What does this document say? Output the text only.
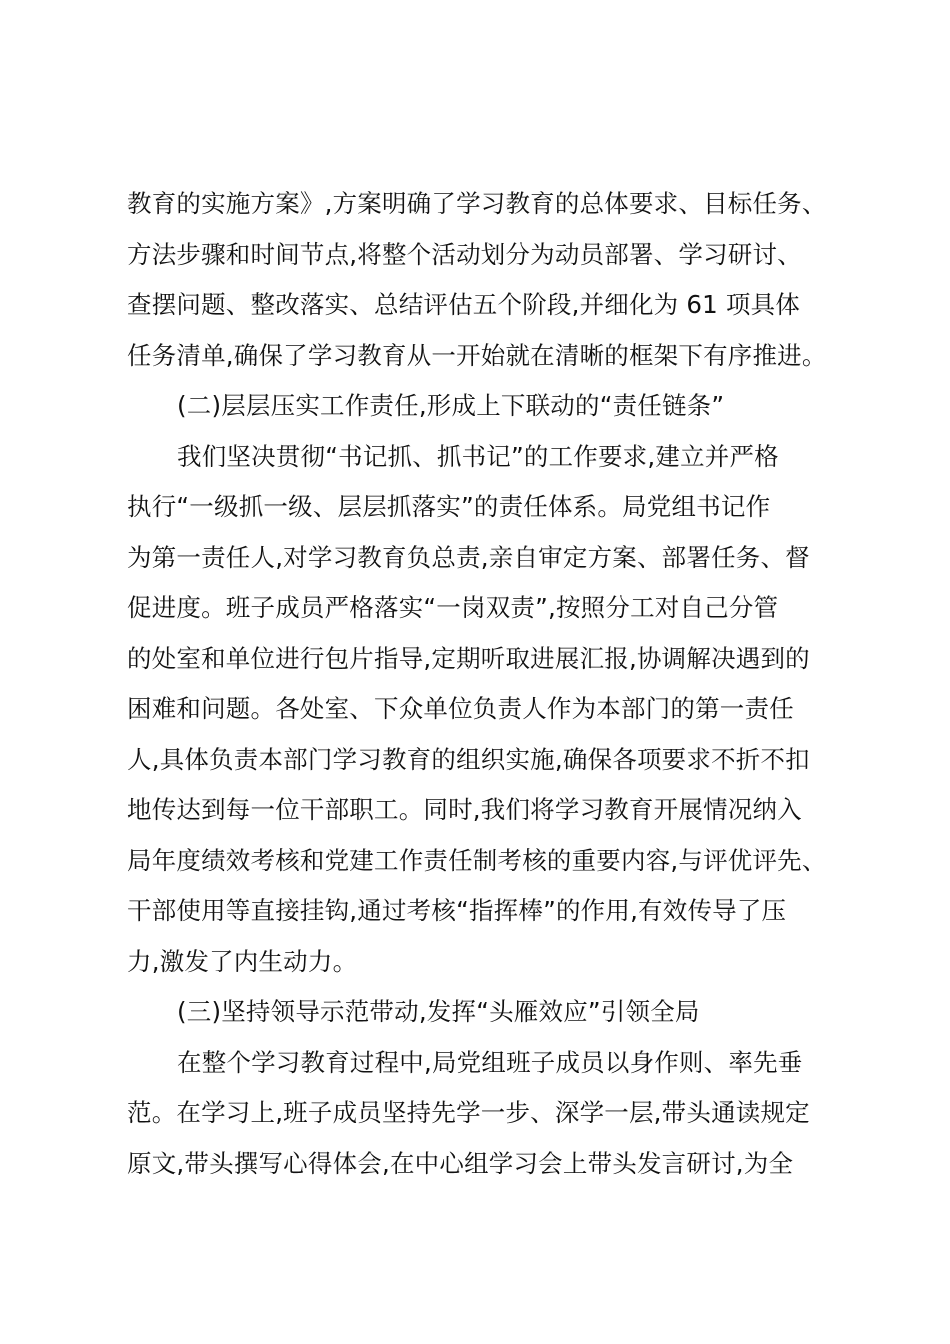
教育的实施方案》,方案明确了学习教育的总体要求、目标任务、
方法步骤和时间节点,将整个活动划分为动员部署、学习研讨、
查摆问题、整改落实、总结评估五个阶段,并细化为 61 项具体
任务清单,确保了学习教育从一开始就在清晰的框架下有序推进。
(二)层层压实工作责任,形成上下联动的“责任链条”
我们坚决贯彻“书记抓、抓书记”的工作要求,建立并严格
执行“一级抓一级、层层抓落实”的责任体系。局党组书记作
为第一责任人,对学习教育负总责,亲自审定方案、部署任务、督
促进度。班子成员严格落实“一岗双责”,按照分工对自己分管
的处室和单位进行包片指导,定期听取进展汇报,协调解决遇到的
困难和问题。各处室、下众单位负责人作为本部门的第一责任
人,具体负责本部门学习教育的组织实施,确保各项要求不折不扣
地传达到每一位干部职工。同时,我们将学习教育开展情况纳入
局年度绩效考核和党建工作责任制考核的重要内容,与评优评先、
干部使用等直接挂钩,通过考核“指挥棒”的作用,有效传导了压
力,激发了内生动力。
(三)坚持领导示范带动,发挥“头雁效应”引领全局
在整个学习教育过程中,局党组班子成员以身作则、率先垂
范。在学习上,班子成员坚持先学一步、深学一层,带头通读规定
原文,带头撰写心得体会,在中心组学习会上带头发言研讨,为全
